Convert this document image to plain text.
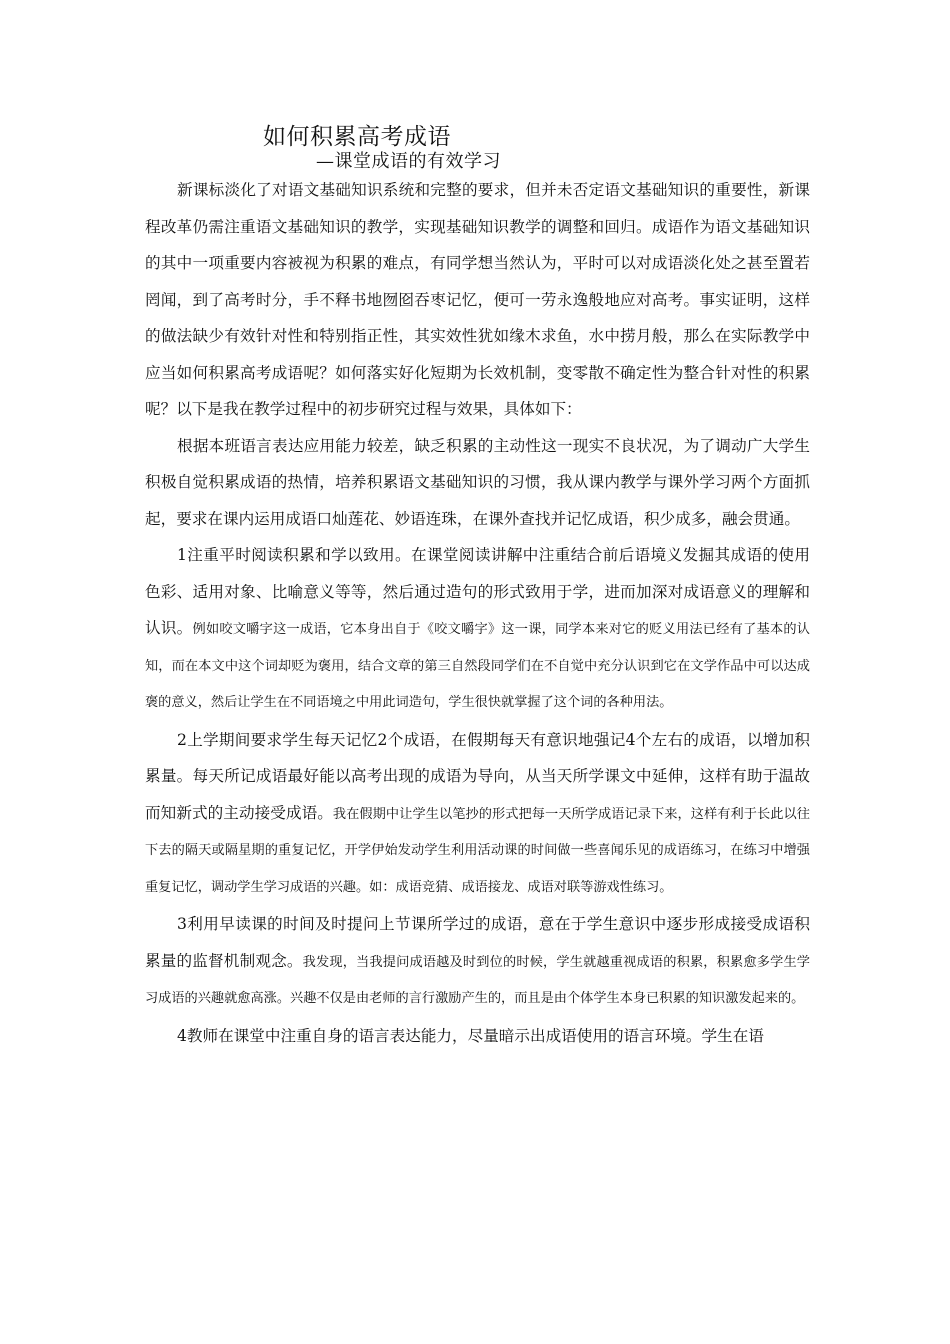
如何积累高考成语
—课堂成语的有效学习

新课标淡化了对语文基础知识系统和完整的要求，但并未否定语文基础知识的重要性，新课程改革仍需注重语文基础知识的教学，实现基础知识教学的调整和回归。成语作为语文基础知识的其中一项重要内容被视为积累的难点，有同学想当然认为，平时可以对成语淡化处之甚至置若罔闻，到了高考时分，手不释书地囫囵吞枣记忆，便可一劳永逸般地应对高考。事实证明，这样的做法缺少有效针对性和特别指正性，其实效性犹如缘木求鱼，水中捞月般，那么在实际教学中应当如何积累高考成语呢？如何落实好化短期为长效机制，变零散不确定性为整合针对性的积累呢？以下是我在教学过程中的初步研究过程与效果，具体如下：

根据本班语言表达应用能力较差，缺乏积累的主动性这一现实不良状况，为了调动广大学生积极自觉积累成语的热情，培养积累语文基础知识的习惯，我从课内教学与课外学习两个方面抓起，要求在课内运用成语口灿莲花、妙语连珠，在课外查找并记忆成语，积少成多，融会贯通。

1注重平时阅读积累和学以致用。在课堂阅读讲解中注重结合前后语境义发掘其成语的使用色彩、适用对象、比喻意义等等，然后通过造句的形式致用于学，进而加深对成语意义的理解和认识。例如咬文嚼字这一成语，它本身出自于《咬文嚼字》这一课，同学本来对它的贬义用法已经有了基本的认知，而在本文中这个词却贬为褒用，结合文章的第三自然段同学们在不自觉中充分认识到它在文学作品中可以达成褒的意义，然后让学生在不同语境之中用此词造句，学生很快就掌握了这个词的各种用法。

2上学期间要求学生每天记忆2个成语，在假期每天有意识地强记4个左右的成语，以增加积累量。每天所记成语最好能以高考出现的成语为导向，从当天所学课文中延伸，这样有助于温故而知新式的主动接受成语。我在假期中让学生以笔抄的形式把每一天所学成语记录下来，这样有利于长此以往下去的隔天或隔星期的重复记忆，开学伊始发动学生利用活动课的时间做一些喜闻乐见的成语练习，在练习中增强重复记忆，调动学生学习成语的兴趣。如：成语竞猜、成语接龙、成语对联等游戏性练习。

3利用早读课的时间及时提问上节课所学过的成语，意在于学生意识中逐步形成接受成语积累量的监督机制观念。我发现，当我提问成语越及时到位的时候，学生就越重视成语的积累，积累愈多学生学习成语的兴趣就愈高涨。兴趣不仅是由老师的言行激励产生的，而且是由个体学生本身已积累的知识激发起来的。

4教师在课堂中注重自身的语言表达能力，尽量暗示出成语使用的语言环境。学生在语
